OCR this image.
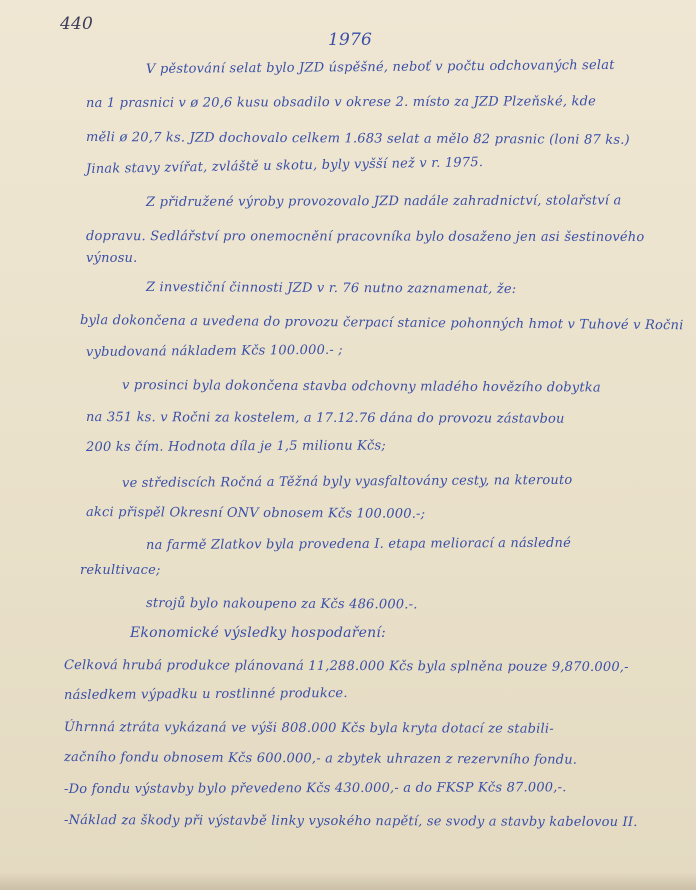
440
1976
V pěstování selat bylo JZD úspěšné, neboť v počtu odchovaných selat
na 1 prasnici v ø 20,6 kusu obsadilo v okrese 2. místo za JZD Plzeňské, kde
měli ø 20,7 ks. JZD dochovalo celkem 1.683 selat a mělo 82 prasnic (loni 87 ks.)
Jinak stavy zvířat, zvláště u skotu, byly vyšší než v r. 1975.
Z přidružené výroby provozovalo JZD nadále zahradnictví, stolařství a
dopravu. Sedlářství pro onemocnění pracovníka bylo dosaženo jen asi šestinového
výnosu.
Z investiční činnosti JZD v r. 76 nutno zaznamenat, že:
byla dokončena a uvedena do provozu čerpací stanice pohonných hmot v Tuhové v Ročni
vybudovaná nákladem Kčs 100.000.- ;
v prosinci byla dokončena stavba odchovny mladého hovězího dobytka
na 351 ks. v Ročni za kostelem, a 17.12.76 dána do provozu zástavbou
200 ks čím. Hodnota díla je 1,5 milionu Kčs;
ve střediscích Ročná a Těžná byly vyasfaltovány cesty, na kterouto
akci přispěl Okresní ONV obnosem Kčs 100.000.-;
na farmě Zlatkov byla provedena I. etapa meliorací a následné
rekultivace;
strojů bylo nakoupeno za Kčs 486.000.-.
Ekonomické výsledky hospodaření:
Celková hrubá produkce plánovaná 11,288.000 Kčs byla splněna pouze 9,870.000,-
následkem výpadku u rostlinné produkce.
Úhrnná ztráta vykázaná ve výši 808.000 Kčs byla kryta dotací ze stabili-
začního fondu obnosem Kčs 600.000,- a zbytek uhrazen z rezervního fondu.
-Do fondu výstavby bylo převedeno Kčs 430.000,- a do FKSP Kčs 87.000,-.
-Náklad za škody při výstavbě linky vysokého napětí, se svody a stavby kabelovou II.
